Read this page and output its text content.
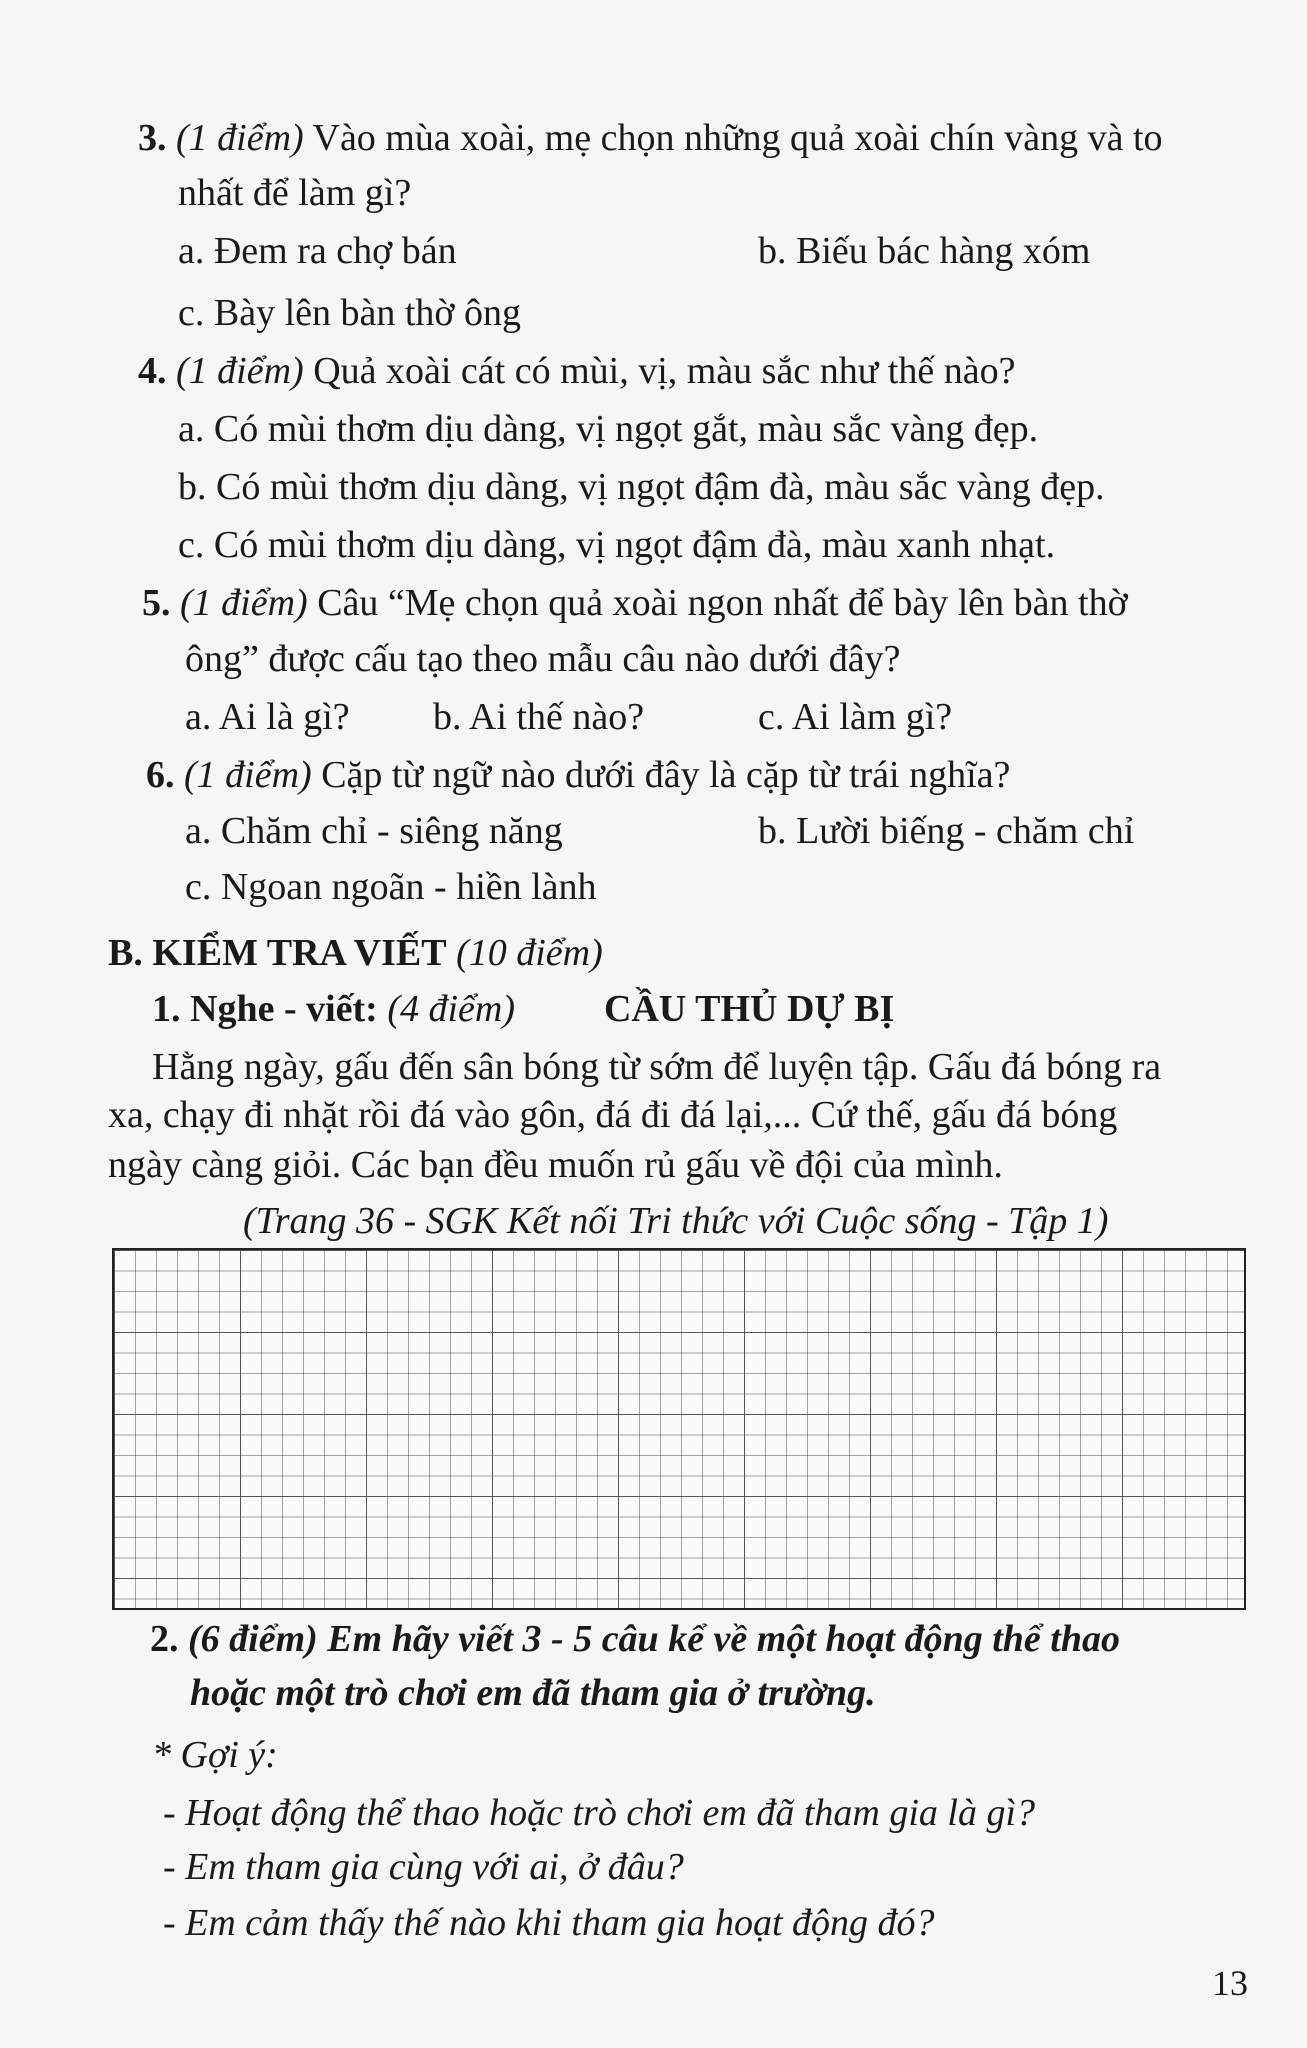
3. (1 điểm) Vào mùa xoài, mẹ chọn những quả xoài chín vàng và to
nhất để làm gì?
a. Đem ra chợ bán	b. Biếu bác hàng xóm
c. Bày lên bàn thờ ông
4. (1 điểm) Quả xoài cát có mùi, vị, màu sắc như thế nào?
a. Có mùi thơm dịu dàng, vị ngọt gắt, màu sắc vàng đẹp.
b. Có mùi thơm dịu dàng, vị ngọt đậm đà, màu sắc vàng đẹp.
c. Có mùi thơm dịu dàng, vị ngọt đậm đà, màu xanh nhạt.
5. (1 điểm) Câu “Mẹ chọn quả xoài ngon nhất để bày lên bàn thờ
ông” được cấu tạo theo mẫu câu nào dưới đây?
a. Ai là gì? b. Ai thế nào?	c. Ai làm gì?
6. (1 điểm) Cặp từ ngữ nào dưới đây là cặp từ trái nghĩa?
a. Chăm chỉ - siêng năng	b. Lười biếng - chăm chỉ
c. Ngoan ngoãn - hiền lành
B. KIỂM TRA VIẾT (10 điểm)
1. Nghe - viết: (4 điểm) CẦU THỦ DỰ BỊ
Hằng ngày, gấu đến sân bóng từ sớm để luyện tập. Gấu đá bóng ra
xa, chạy đi nhặt rồi đá vào gôn, đá đi đá lại,... Cứ thế, gấu đá bóng
ngày càng giỏi. Các bạn đều muốn rủ gấu về đội của mình.
(Trang 36 - SGK Kết nối Tri thức với Cuộc sống - Tập 1)
2. (6 điểm) Em hãy viết 3 - 5 câu kể về một hoạt động thể thao
hoặc một trò chơi em đã tham gia ở trường.
* Gợi ý:
- Hoạt động thể thao hoặc trò chơi em đã tham gia là gì?
- Em tham gia cùng với ai, ở đâu?
- Em cảm thấy thế nào khi tham gia hoạt động đó?
13
